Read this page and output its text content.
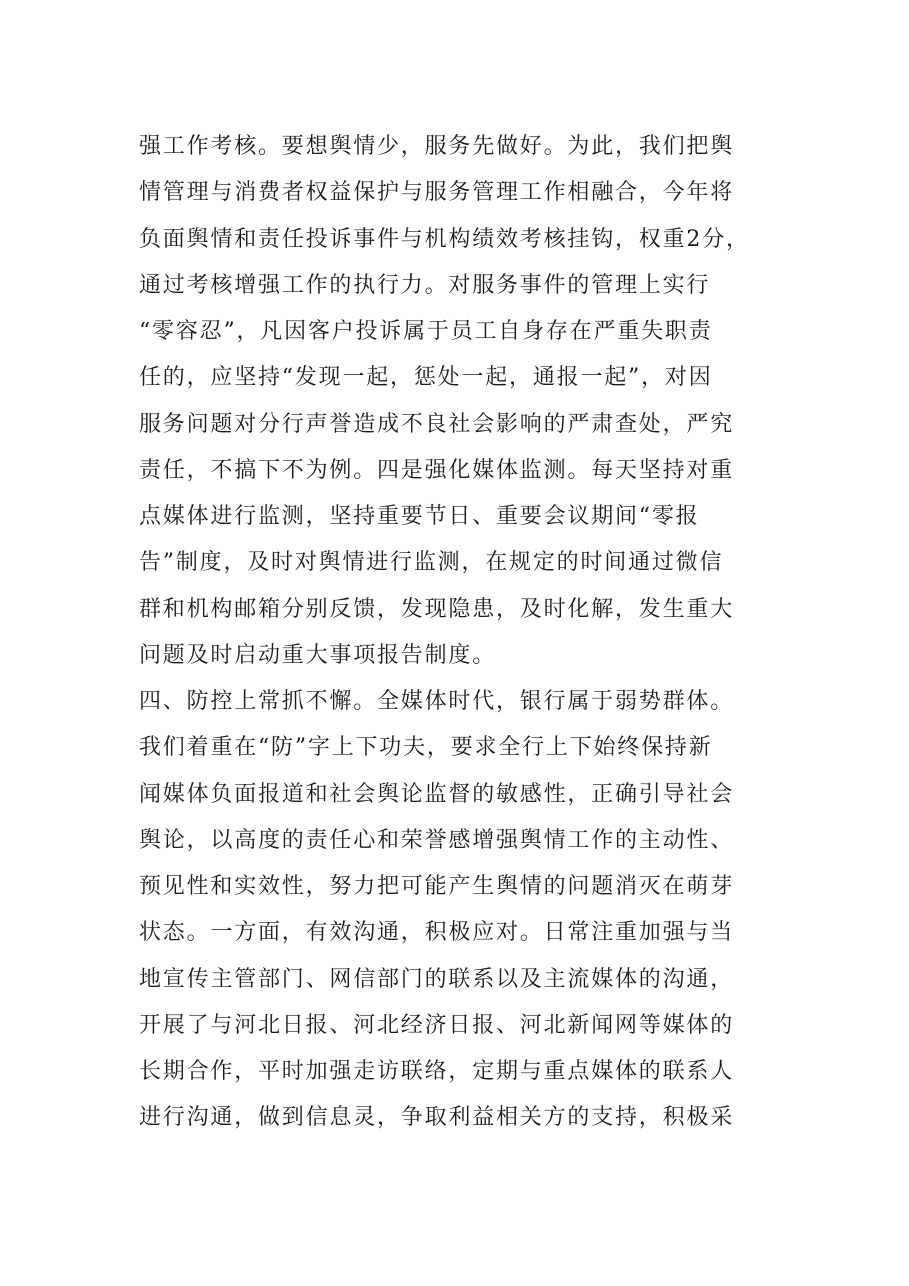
强工作考核。要想舆情少，服务先做好。为此，我们把舆
情管理与消费者权益保护与服务管理工作相融合，今年将
负面舆情和责任投诉事件与机构绩效考核挂钩，权重2分，
通过考核增强工作的执行力。对服务事件的管理上实行
“零容忍”，凡因客户投诉属于员工自身存在严重失职责
任的，应坚持“发现一起，惩处一起，通报一起”，对因
服务问题对分行声誉造成不良社会影响的严肃查处，严究
责任，不搞下不为例。四是强化媒体监测。每天坚持对重
点媒体进行监测，坚持重要节日、重要会议期间“零报
告”制度，及时对舆情进行监测，在规定的时间通过微信
群和机构邮箱分别反馈，发现隐患，及时化解，发生重大
问题及时启动重大事项报告制度。
四、防控上常抓不懈。全媒体时代，银行属于弱势群体。
我们着重在“防”字上下功夫，要求全行上下始终保持新
闻媒体负面报道和社会舆论监督的敏感性，正确引导社会
舆论，以高度的责任心和荣誉感增强舆情工作的主动性、
预见性和实效性，努力把可能产生舆情的问题消灭在萌芽
状态。一方面，有效沟通，积极应对。日常注重加强与当
地宣传主管部门、网信部门的联系以及主流媒体的沟通，
开展了与河北日报、河北经济日报、河北新闻网等媒体的
长期合作，平时加强走访联络，定期与重点媒体的联系人
进行沟通，做到信息灵，争取利益相关方的支持，积极采
